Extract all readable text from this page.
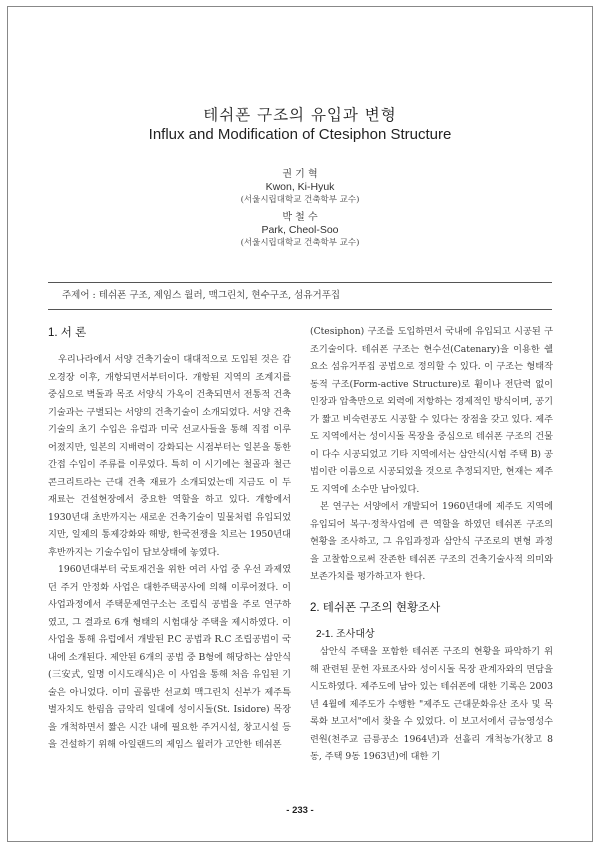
테쉬폰 구조의 유입과 변형
Influx and Modification of Ctesiphon Structure
권 기 혁
Kwon, Ki-Hyuk
(서울시립대학교 건축학부 교수)
박 철 수
Park, Cheol-Soo
(서울시립대학교 건축학부 교수)
주제어 : 테쉬폰 구조, 제임스 월러, 맥그린치, 현수구조, 섬유거푸집
1. 서 론

우리나라에서 서양 건축기술이 대대적으로 도입된 것은 갑오경장 이후, 개항되면서부터이다. 개항된 지역의 조계지를 중심으로 벽돌과 목조 서양식 가옥이 건축되면서 전통적 건축기술과는 구별되는 서양의 건축기술이 소개되었다. 서양 건축기술의 초기 수입은 유럽과 미국 선교사들을 통해 직접 이루어졌지만, 일본의 지배력이 강화되는 시점부터는 일본을 통한 간접 수입이 주류를 이루었다. 특히 이 시기에는 철골과 철근콘크리트라는 근대 건축 재료가 소개되었는데 지금도 이 두 재료는 건설현장에서 중요한 역할을 하고 있다. 개항에서 1930년대 초반까지는 새로운 건축기술이 밀물처럼 유입되었지만, 일제의 통제강화와 해방, 한국전쟁을 치르는 1950년대 후반까지는 기술수입이 답보상태에 놓였다.

1960년대부터 국토재건을 위한 여러 사업 중 우선 과제였던 주거 안정화 사업은 대한주택공사에 의해 이루어졌다. 이 사업과정에서 주택문제연구소는 조립식 공법을 주로 연구하였고, 그 결과로 6개 형태의 시험대상 주택을 제시하였다. 이 사업을 통해 유럽에서 개발된 P.C 공법과 R.C 조립공법이 국내에 소개된다. 제안된 6개의 공법 중 B형에 해당하는 삼안식(三安式, 일명 이시도래식)은 이 사업을 통해 처음 유입된 기술은 아니었다. 이미 골롬반 선교회 맥그린치 신부가 제주특별자치도 한림읍 금악리 일대에 성이시돌(St. Isidore) 목장을 개척하면서 짧은 시간 내에 필요한 주거시설, 창고시설 등을 건설하기 위해 아일랜드의 제임스 월러가 고안한 테쉬폰

(Ctesiphon) 구조를 도입하면서 국내에 유입되고 시공된 구조기술이다. 테쉬폰 구조는 현수선(Catenary)을 이용한 쉘요소 섬유거푸집 공법으로 정의할 수 있다. 이 구조는 형태작동적 구조(Form-active Structure)로 휨이나 전단력 없이 인장과 압축만으로 외력에 저항하는 경제적인 방식이며, 공기가 짧고 비숙련공도 시공할 수 있다는 장점을 갖고 있다. 제주도 지역에서는 성이시돌 목장을 중심으로 테쉬폰 구조의 건물이 다수 시공되었고 기타 지역에서는 삼안식(시험 주택 B) 공법이란 이름으로 시공되었을 것으로 추정되지만, 현재는 제주도 지역에 소수만 남아있다.

본 연구는 서양에서 개발되어 1960년대에 제주도 지역에 유입되어 복구·정착사업에 큰 역할을 하였던 테쉬폰 구조의 현황을 조사하고, 그 유입과정과 삼안식 구조로의 변형 과정을 고찰함으로써 잔존한 테쉬폰 구조의 건축기술사적 의미와 보존가치를 평가하고자 한다.

2. 테쉬폰 구조의 현황조사
2-1. 조사대상

삼안식 주택을 포함한 테쉬폰 구조의 현황을 파악하기 위해 관련된 문헌 자료조사와 성이시돌 목장 관계자와의 면담을 시도하였다. 제주도에 남아 있는 테쉬폰에 대한 기록은 2003년 4월에 제주도가 수행한 "제주도 근대문화유산 조사 및 목록화 보고서"에서 찾을 수 있었다. 이 보고서에서 금능영성수련원(천주교 금릉공소 1964년)과 선흘리 개척농가(창고 8동, 주택 9동 1963년)에 대한 기

- 233 -
